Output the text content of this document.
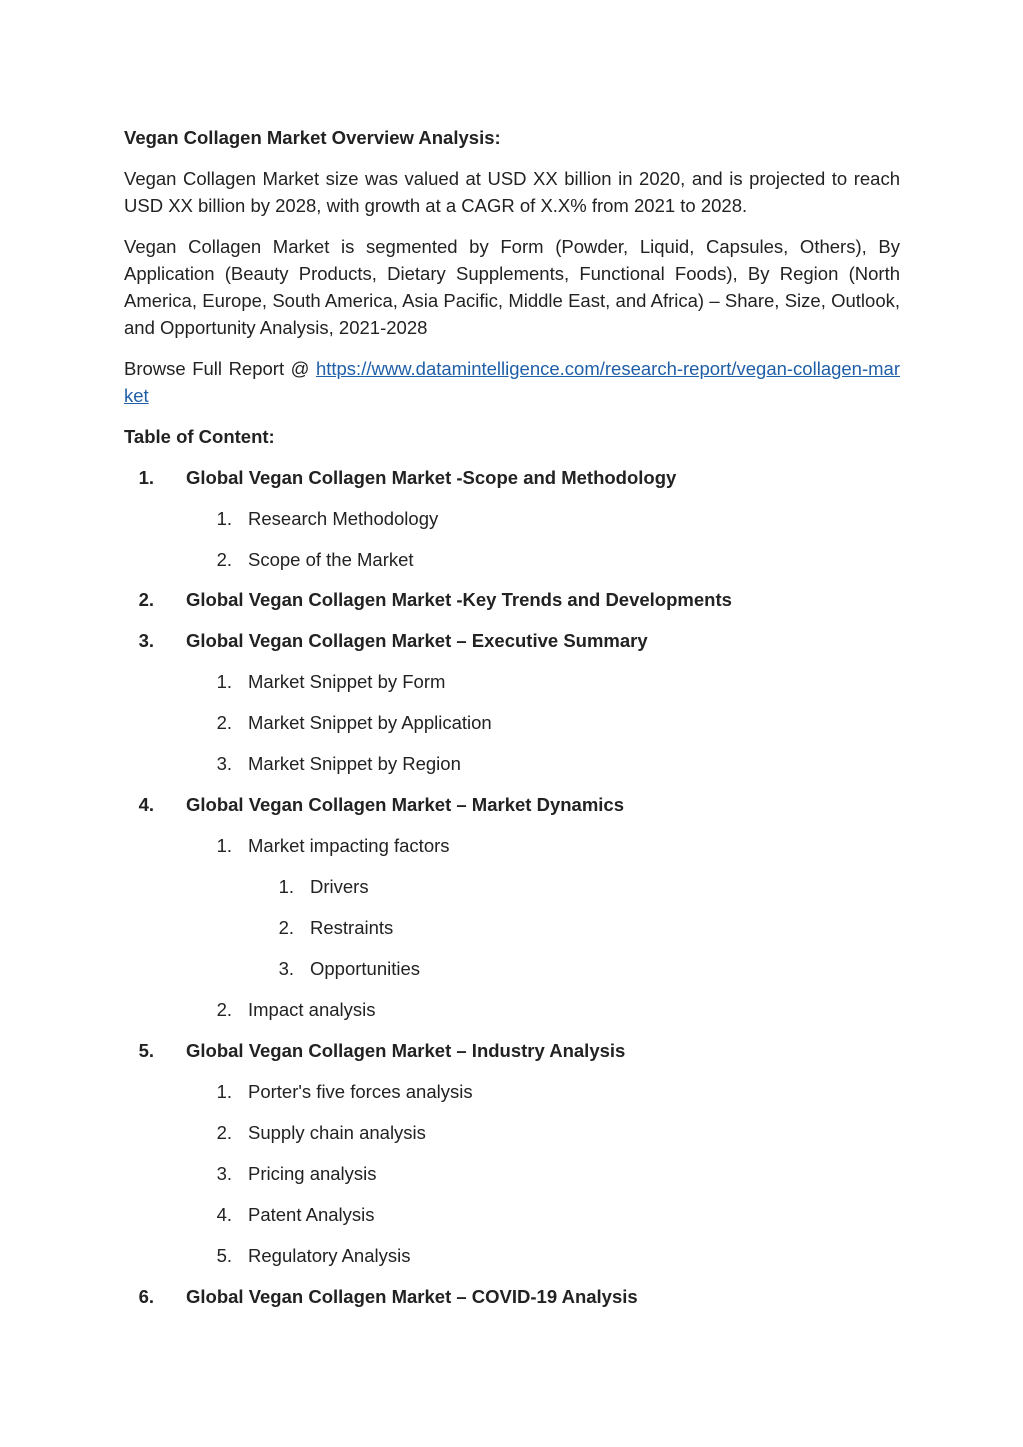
Vegan Collagen Market Overview Analysis:
Vegan Collagen Market size was valued at USD XX billion in 2020, and is projected to reach USD XX billion by 2028, with growth at a CAGR of X.X% from 2021 to 2028.
Vegan Collagen Market is segmented by Form (Powder, Liquid, Capsules, Others), By Application (Beauty Products, Dietary Supplements, Functional Foods), By Region (North America, Europe, South America, Asia Pacific, Middle East, and Africa) – Share, Size, Outlook, and Opportunity Analysis, 2021-2028
Browse Full Report @ https://www.datamintelligence.com/research-report/vegan-collagen-market
Table of Content:
1. Global Vegan Collagen Market -Scope and Methodology
1. Research Methodology
2. Scope of the Market
2. Global Vegan Collagen Market -Key Trends and Developments
3. Global Vegan Collagen Market – Executive Summary
1. Market Snippet by Form
2. Market Snippet by Application
3. Market Snippet by Region
4. Global Vegan Collagen Market – Market Dynamics
1. Market impacting factors
1. Drivers
2. Restraints
3. Opportunities
2. Impact analysis
5. Global Vegan Collagen Market – Industry Analysis
1. Porter's five forces analysis
2. Supply chain analysis
3. Pricing analysis
4. Patent Analysis
5. Regulatory Analysis
6. Global Vegan Collagen Market – COVID-19 Analysis
